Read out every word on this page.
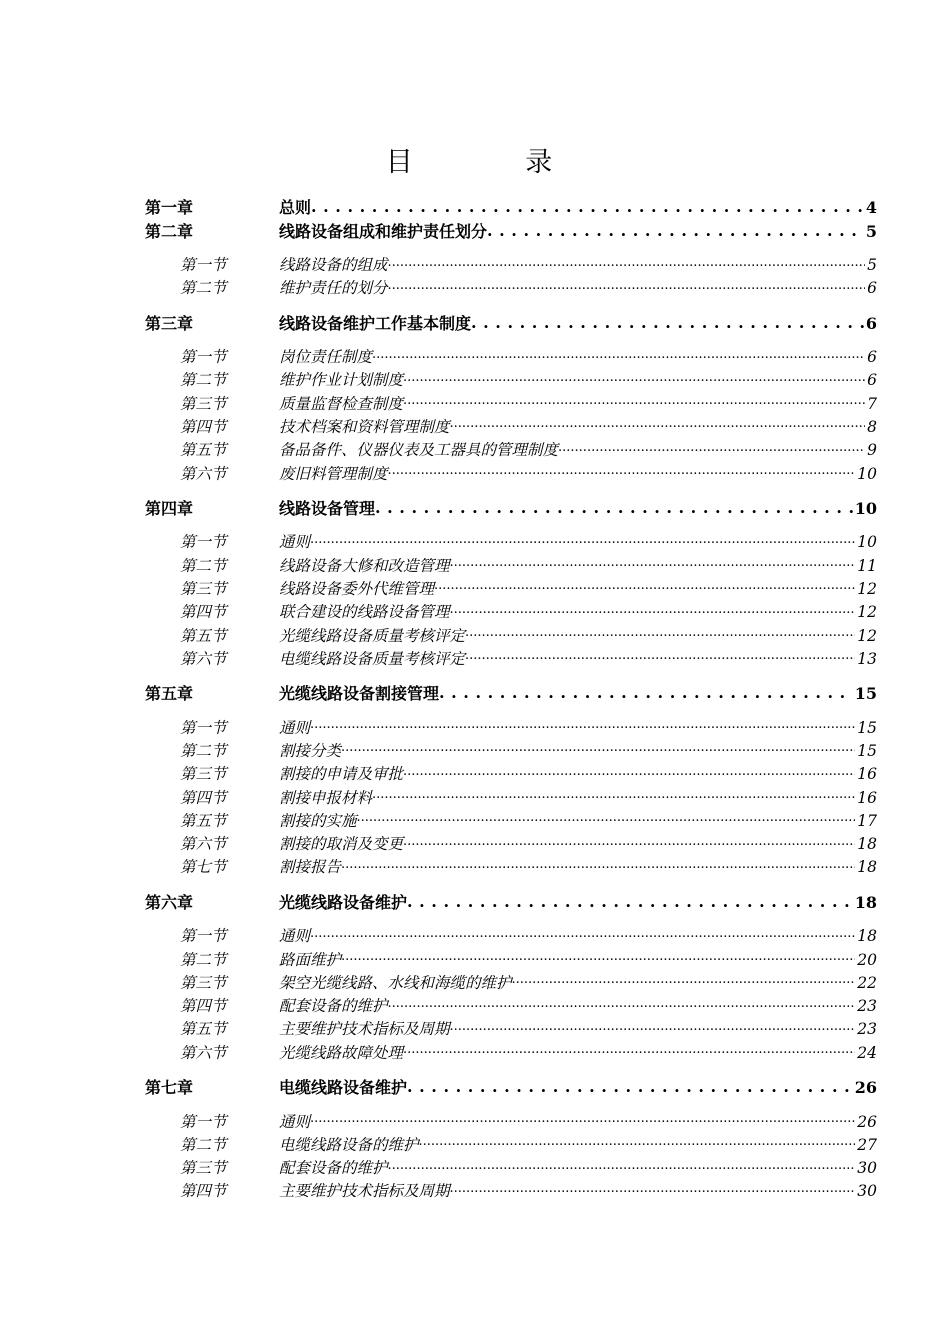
目 录
第一章	总则 . . .	4
第二章	线路设备组成和维护责任划分 . . .	5
第一节	线路设备的组成 .....	5
第二节	维护责任的划分 .....	6
第三章	线路设备维护工作基本制度 . . .	6
第一节	岗位责任制度 .....	6
第二节	维护作业计划制度 .....	6
第三节	质量监督检查制度 .....	7
第四节	技术档案和资料管理制度 .....	8
第五节	备品备件、仪器仪表及工器具的管理制度 .....	9
第六节	废旧料管理制度 .....	10
第四章	线路设备管理 . . .	10
第一节	通则 .....	10
第二节	线路设备大修和改造管理 .....	11
第三节	线路设备委外代维管理 .....	12
第四节	联合建设的线路设备管理 .....	12
第五节	光缆线路设备质量考核评定 .....	12
第六节	电缆线路设备质量考核评定 .....	13
第五章	光缆线路设备割接管理 . . .	15
第一节	通则 .....	15
第二节	割接分类 .....	15
第三节	割接的申请及审批 .....	16
第四节	割接申报材料 .....	16
第五节	割接的实施 .....	17
第六节	割接的取消及变更 .....	18
第七节	割接报告 .....	18
第六章	光缆线路设备维护 . . .	18
第一节	通则 .....	18
第二节	路面维护 .....	20
第三节	架空光缆线路、水线和海缆的维护 .....	22
第四节	配套设备的维护 .....	23
第五节	主要维护技术指标及周期 .....	23
第六节	光缆线路故障处理 .....	24
第七章	电缆线路设备维护 . . .	26
第一节	通则 .....	26
第二节	电缆线路设备的维护 .....	27
第三节	配套设备的维护 .....	30
第四节	主要维护技术指标及周期 .....	30
